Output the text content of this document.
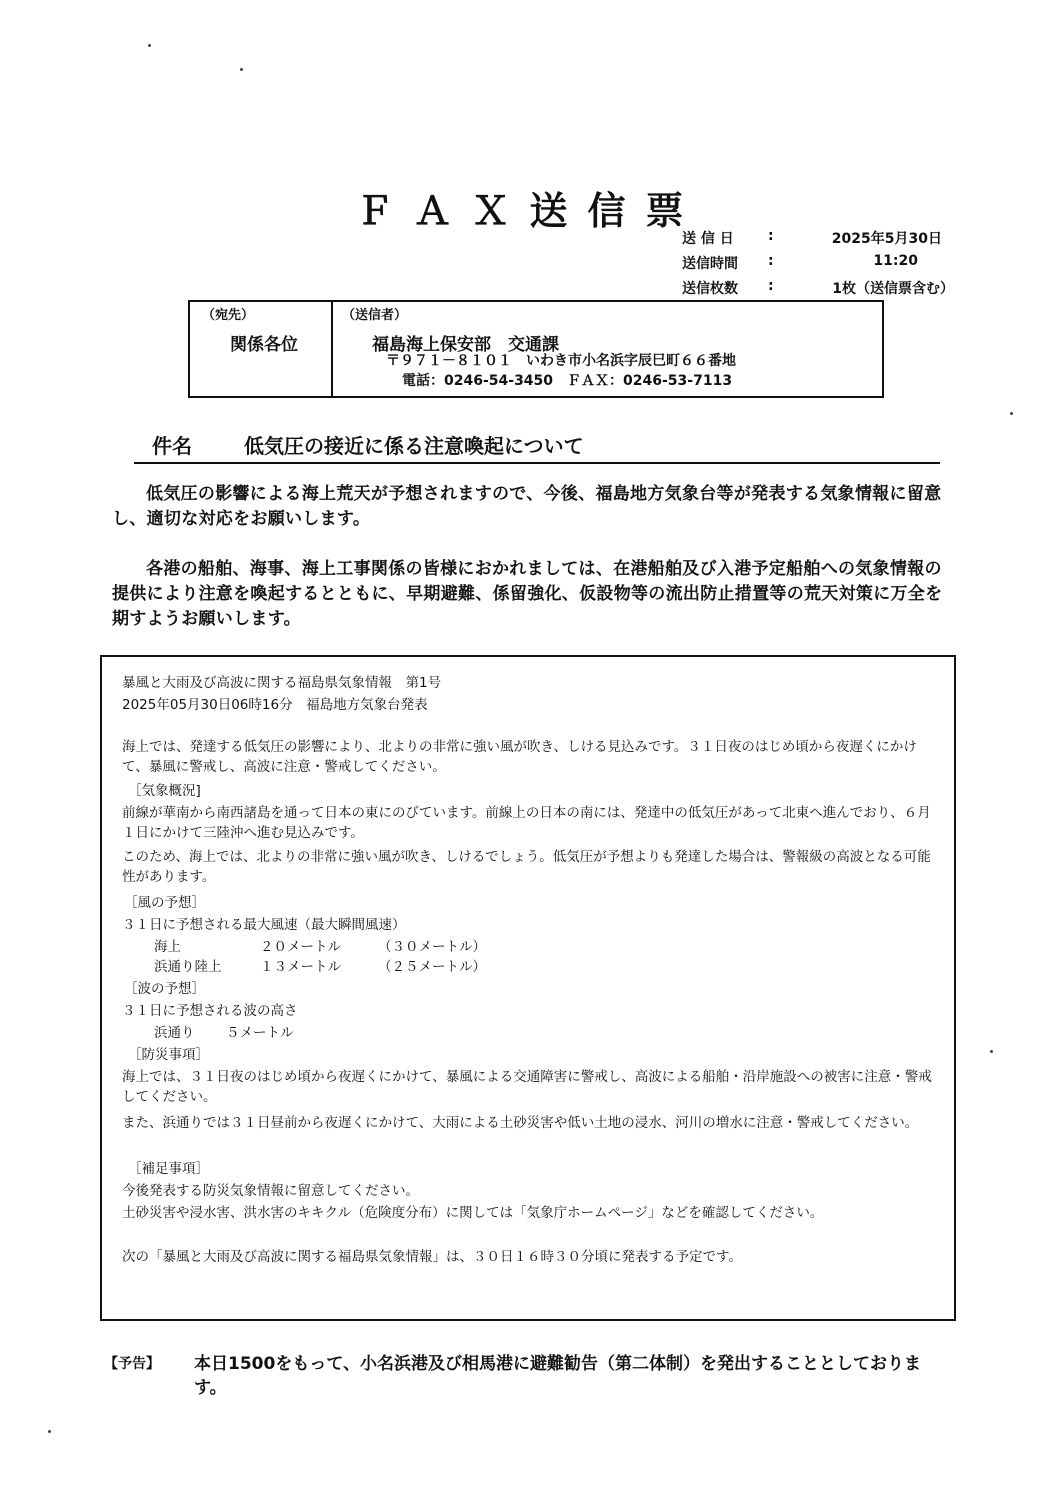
ＦＡＸ送信票
送 信 日 :	2025年5月30日
送信時間 :	11:20
送信枚数 :	1枚（送信票含む）
（宛先）
関係各位
（送信者）
福島海上保安部　交通課
〒９７１－８１０１　いわき市小名浜字辰巳町６６番地
電話：0246-54-3450　ＦＡＸ：0246-53-7113
件名	低気圧の接近に係る注意喚起について
低気圧の影響による海上荒天が予想されますので、今後、福島地方気象台等が発表する気象情報に留意し、適切な対応をお願いします。
各港の船舶、海事、海上工事関係の皆様におかれましては、在港船舶及び入港予定船舶への気象情報の提供により注意を喚起するとともに、早期避難、係留強化、仮設物等の流出防止措置等の荒天対策に万全を期すようお願いします。
暴風と大雨及び高波に関する福島県気象情報　第1号
2025年05月30日06時16分　福島地方気象台発表
海上では、発達する低気圧の影響により、北よりの非常に強い風が吹き、しける見込みです。３１日夜のはじめ頃から夜遅くにかけて、暴風に警戒し、高波に注意・警戒してください。
［気象概況]
前線が華南から南西諸島を通って日本の東にのびています。前線上の日本の南には、発達中の低気圧があって北東へ進んでおり、６月１日にかけて三陸沖へ進む見込みです。
このため、海上では、北よりの非常に強い風が吹き、しけるでしょう。低気圧が予想よりも発達した場合は、警報級の高波となる可能性があります。
［風の予想］
３１日に予想される最大風速（最大瞬間風速）
海上	２０メートル	（３０メートル）
浜通り陸上	１３メートル	（２５メートル）
［波の予想］
３１日に予想される波の高さ
浜通り ５メートル
［防災事項］
海上では、３１日夜のはじめ頃から夜遅くにかけて、暴風による交通障害に警戒し、高波による船舶・沿岸施設への被害に注意・警戒してください。
また、浜通りでは３１日昼前から夜遅くにかけて、大雨による土砂災害や低い土地の浸水、河川の増水に注意・警戒してください。
［補足事項］
今後発表する防災気象情報に留意してください。
土砂災害や浸水害、洪水害のキキクル（危険度分布）に関しては「気象庁ホームページ」などを確認してください。
次の「暴風と大雨及び高波に関する福島県気象情報」は、３０日１６時３０分頃に発表する予定です。
【予告】 本日1500をもって、小名浜港及び相馬港に避難勧告（第二体制）を発出することとしております。
